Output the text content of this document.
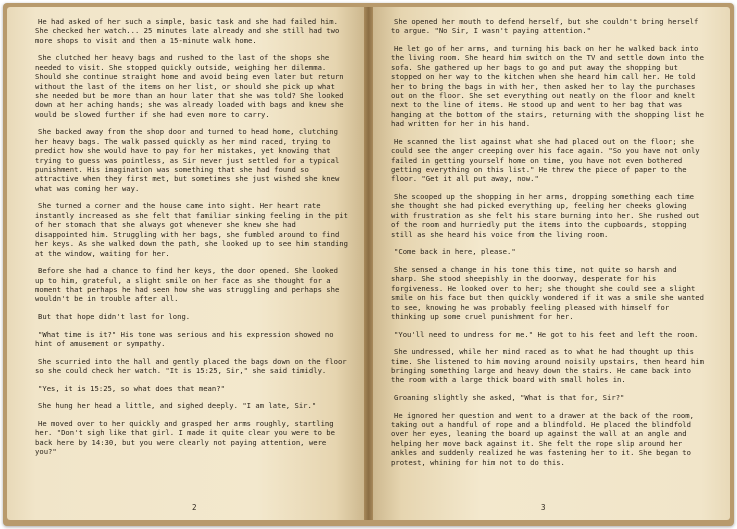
He had asked of her such a simple, basic task and she had failed him. She checked her watch... 25 minutes late already and she still had two more shops to visit and then a 15-minute walk home.

She clutched her heavy bags and rushed to the last of the shops she needed to visit. She stopped quickly outside, weighing her dilemma. Should she continue straight home and avoid being even later but return without the last of the items on her list, or should she pick up what she needed but be more than an hour later that she was told? She looked down at her aching hands; she was already loaded with bags and knew she would be slowed further if she had even more to carry.

She backed away from the shop door and turned to head home, clutching her heavy bags. The walk passed quickly as her mind raced, trying to predict how she would have to pay for her mistakes, yet knowing that trying to guess was pointless, as Sir never just settled for a typical punishment. His imagination was something that she had found so attractive when they first met, but sometimes she just wished she knew what was coming her way.

She turned a corner and the house came into sight. Her heart rate instantly increased as she felt that familiar sinking feeling in the pit of her stomach that she always got whenever she knew she had disappointed him. Struggling with her bags, she fumbled around to find her keys. As she walked down the path, she looked up to see him standing at the window, waiting for her.

Before she had a chance to find her keys, the door opened. She looked up to him, grateful, a slight smile on her face as she thought for a moment that perhaps he had seen how she was struggling and perhaps she wouldn't be in trouble after all.

But that hope didn't last for long.

"What time is it?" His tone was serious and his expression showed no hint of amusement or sympathy.

She scurried into the hall and gently placed the bags down on the floor so she could check her watch. "It is 15:25, Sir," she said timidly.

"Yes, it is 15:25, so what does that mean?"

She hung her head a little, and sighed deeply. "I am late, Sir."

He moved over to her quickly and grasped her arms roughly, startling her. "Don't sigh like that girl. I made it quite clear you were to be back here by 14:30, but you were clearly not paying attention, were you?"

2

She opened her mouth to defend herself, but she couldn't bring herself to argue. "No Sir, I wasn't paying attention."

He let go of her arms, and turning his back on her he walked back into the living room. She heard him switch on the TV and settle down into the sofa. She gathered up her bags to go and put away the shopping but stopped on her way to the kitchen when she heard him call her. He told her to bring the bags in with her, then asked her to lay the purchases out on the floor. She set everything out neatly on the floor and knelt next to the line of items. He stood up and went to her bag that was hanging at the bottom of the stairs, returning with the shopping list he had written for her in his hand.

He scanned the list against what she had placed out on the floor; she could see the anger creeping over his face again. "So you have not only failed in getting yourself home on time, you have not even bothered getting everything on this list." He threw the piece of paper to the floor. "Get it all put away, now."

She scooped up the shopping in her arms, dropping something each time she thought she had picked everything up, feeling her cheeks glowing with frustration as she felt his stare burning into her. She rushed out of the room and hurriedly put the items into the cupboards, stopping still as she heard his voice from the living room.

"Come back in here, please."

She sensed a change in his tone this time, not quite so harsh and sharp. She stood sheepishly in the doorway, desperate for his forgiveness. He looked over to her; she thought she could see a slight smile on his face but then quickly wondered if it was a smile she wanted to see, knowing he was probably feeling pleased with himself for thinking up some cruel punishment for her.

"You'll need to undress for me." He got to his feet and left the room.

She undressed, while her mind raced as to what he had thought up this time. She listened to him moving around noisily upstairs, then heard him bringing something large and heavy down the stairs. He came back into the room with a large thick board with small holes in.

Groaning slightly she asked, "What is that for, Sir?"

He ignored her question and went to a drawer at the back of the room, taking out a handful of rope and a blindfold. He placed the blindfold over her eyes, leaning the board up against the wall at an angle and helping her move back against it. She felt the rope slip around her ankles and suddenly realized he was fastening her to it. She began to protest, whining for him not to do this.

3
